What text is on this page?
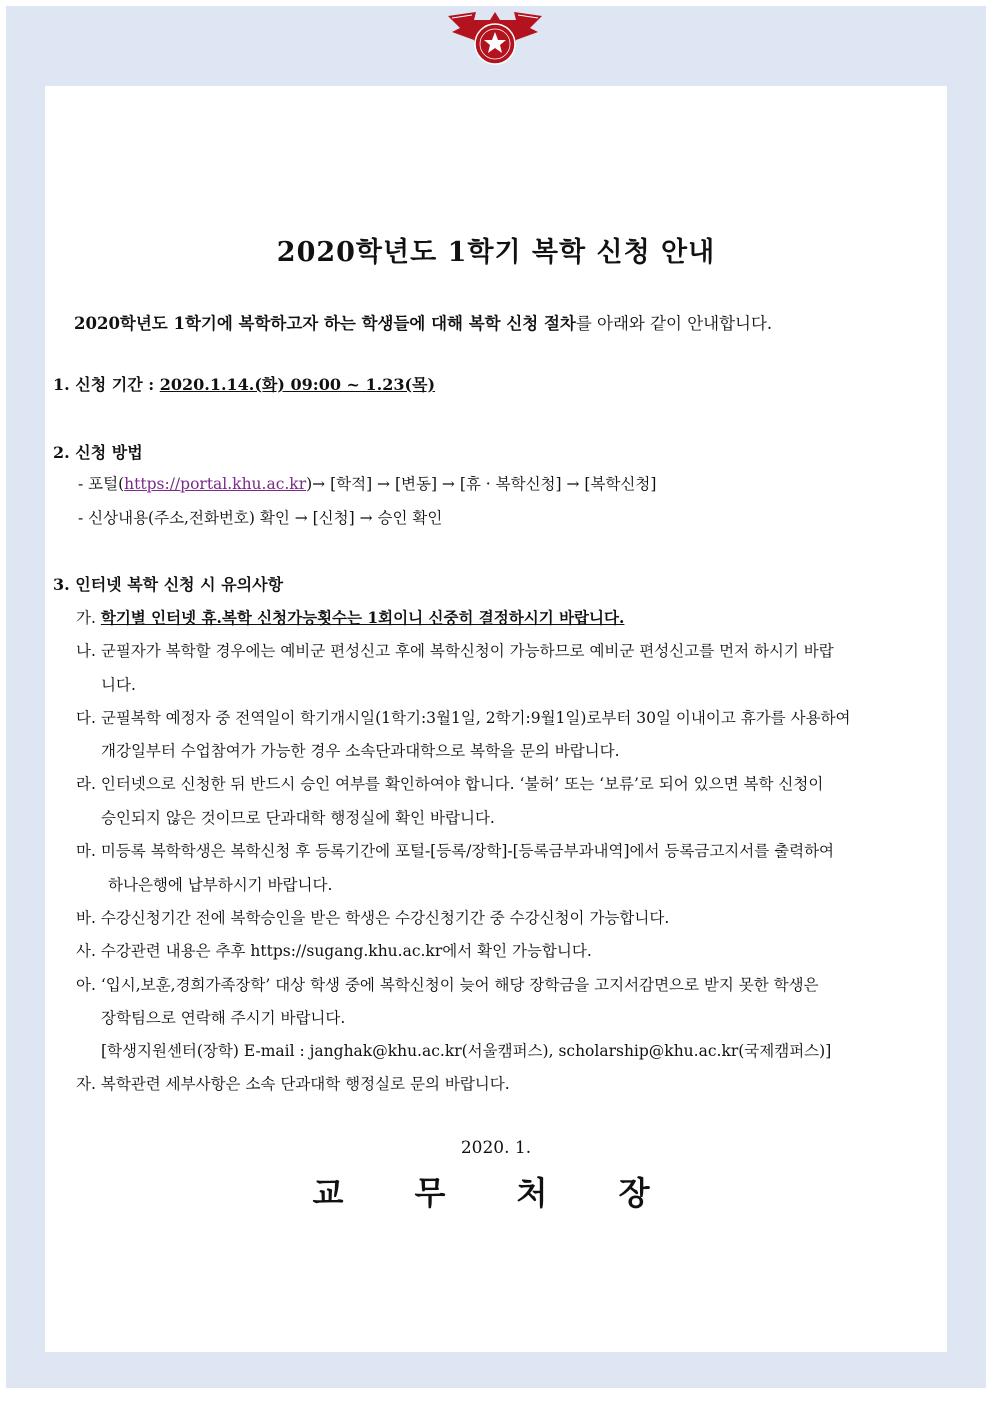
2020학년도 1학기 복학 신청 안내
2020학년도 1학기에 복학하고자 하는 학생들에 대해 복학 신청 절차를 아래와 같이 안내합니다.
1. 신청 기간 : 2020.1.14.(화) 09:00 ~ 1.23(목)
2. 신청 방법
- 포털(https://portal.khu.ac.kr)→ [학적] → [변동] → [휴 · 복학신청] → [복학신청]
- 신상내용(주소,전화번호) 확인 → [신청] → 승인 확인
3. 인터넷 복학 신청 시 유의사항
가. 학기별 인터넷 휴.복학 신청가능횟수는 1회이니 신중히 결정하시기 바랍니다.
나. 군필자가 복학할 경우에는 예비군 편성신고 후에 복학신청이 가능하므로 예비군 편성신고를 먼저 하시기 바랍
니다.
다. 군필복학 예정자 중 전역일이 학기개시일(1학기:3월1일, 2학기:9월1일)로부터 30일 이내이고 휴가를 사용하여
개강일부터 수업참여가 가능한 경우 소속단과대학으로 복학을 문의 바랍니다.
라. 인터넷으로 신청한 뒤 반드시 승인 여부를 확인하여야 합니다. ‘불허’ 또는 ‘보류’로 되어 있으면 복학 신청이
승인되지 않은 것이므로 단과대학 행정실에 확인 바랍니다.
마. 미등록 복학학생은 복학신청 후 등록기간에 포털-[등록/장학]-[등록금부과내역]에서 등록금고지서를 출력하여
하나은행에 납부하시기 바랍니다.
바. 수강신청기간 전에 복학승인을 받은 학생은 수강신청기간 중 수강신청이 가능합니다.
사. 수강관련 내용은 추후 https://sugang.khu.ac.kr에서 확인 가능합니다.
아. ‘입시,보훈,경희가족장학’ 대상 학생 중에 복학신청이 늦어 해당 장학금을 고지서감면으로 받지 못한 학생은
장학팀으로 연락해 주시기 바랍니다.
[학생지원센터(장학) E-mail : janghak@khu.ac.kr(서울캠퍼스), scholarship@khu.ac.kr(국제캠퍼스)]
자. 복학관련 세부사항은 소속 단과대학 행정실로 문의 바랍니다.
2020. 1.
교 무 처 장
